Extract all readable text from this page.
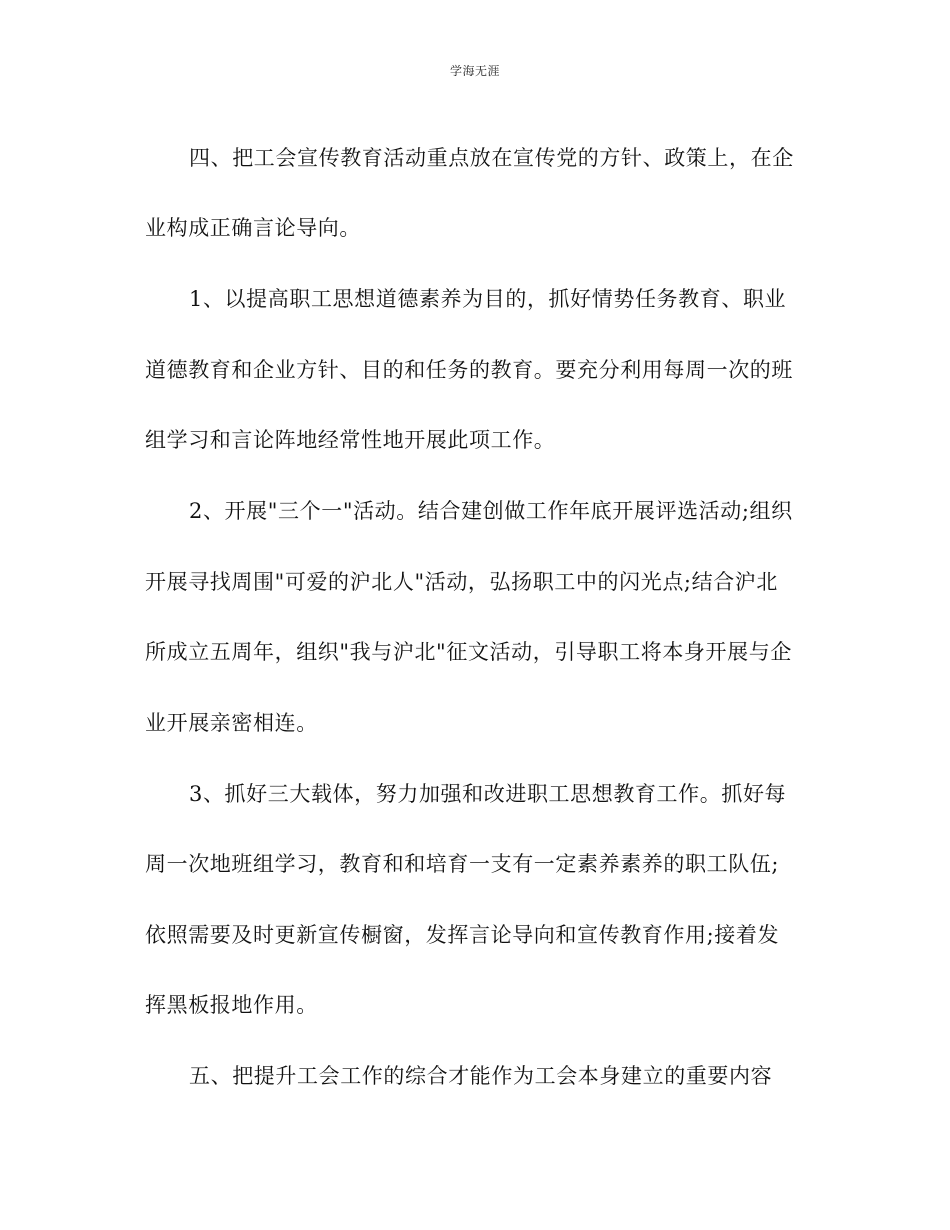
学海无涯
四、把工会宣传教育活动重点放在宣传党的方针、政策上，在企
业构成正确言论导向。
1、以提高职工思想道德素养为目的，抓好情势任务教育、职业
道德教育和企业方针、目的和任务的教育。要充分利用每周一次的班
组学习和言论阵地经常性地开展此项工作。
2、开展"三个一"活动。结合建创做工作年底开展评选活动;组织
开展寻找周围"可爱的沪北人"活动，弘扬职工中的闪光点;结合沪北
所成立五周年，组织"我与沪北"征文活动，引导职工将本身开展与企
业开展亲密相连。
3、抓好三大载体，努力加强和改进职工思想教育工作。抓好每
周一次地班组学习，教育和和培育一支有一定素养素养的职工队伍;
依照需要及时更新宣传橱窗，发挥言论导向和宣传教育作用;接着发
挥黑板报地作用。
五、把提升工会工作的综合才能作为工会本身建立的重要内容
